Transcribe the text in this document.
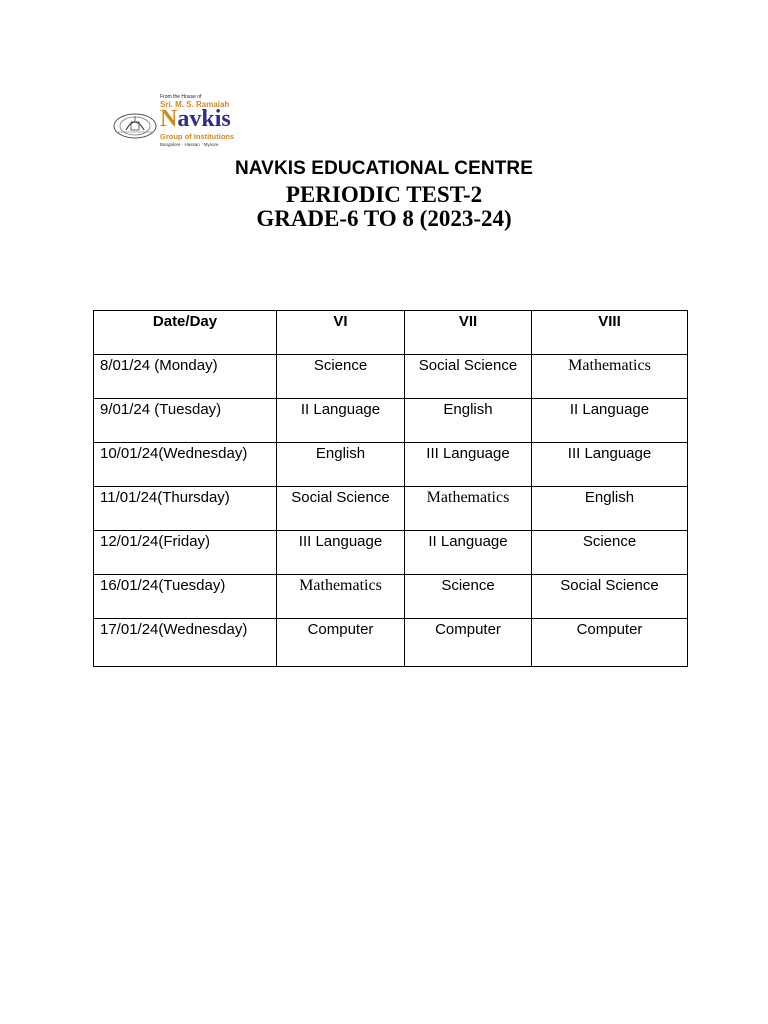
From the House of
Sri. M. S. Ramaiah
Navkis
Group of Institutions
Bangalore · Hassan · Mysore
NAVKIS EDUCATIONAL CENTRE
PERIODIC TEST-2
GRADE-6 TO 8 (2023-24)
Date/Day	VI	VII	VIII
8/01/24 (Monday)	Science	Social Science	Mathematics
9/01/24 (Tuesday)	II Language	English	II Language
10/01/24(Wednesday)	English	III Language	III Language
11/01/24(Thursday)	Social Science	Mathematics	English
12/01/24(Friday)	III Language	II Language	Science
16/01/24(Tuesday)	Mathematics	Science	Social Science
17/01/24(Wednesday)	Computer	Computer	Computer
